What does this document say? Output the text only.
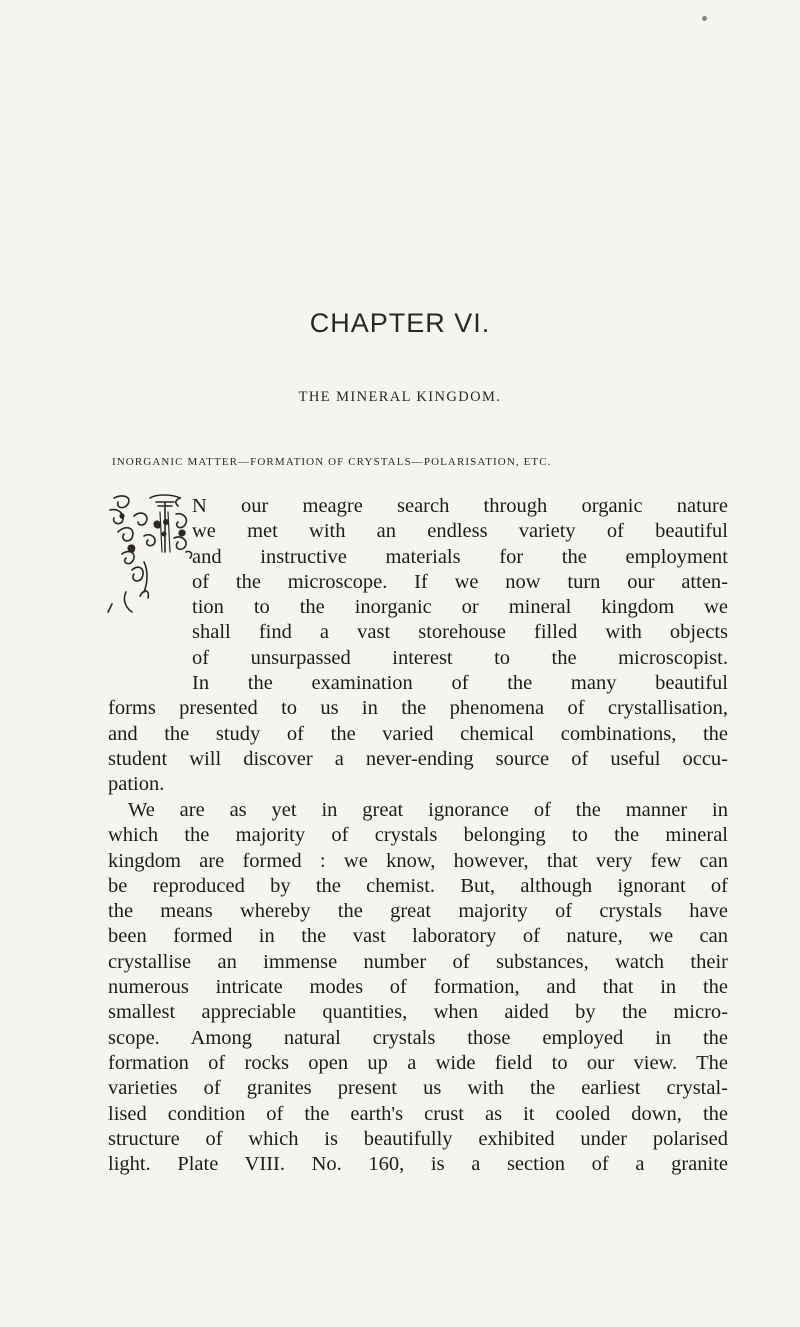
CHAPTER VI.
THE MINERAL KINGDOM.
INORGANIC MATTER—FORMATION OF CRYSTALS—POLARISATION, ETC.
N our meagre search through organic nature
we met with an endless variety of beautiful
and instructive materials for the employment
of the microscope. If we now turn our atten-
tion to the inorganic or mineral kingdom we
shall find a vast storehouse filled with objects
of unsurpassed interest to the microscopist.
In the examination of the many beautiful
forms presented to us in the phenomena of crystallisation,
and the study of the varied chemical combinations, the
student will discover a never-ending source of useful occu-
pation.
We are as yet in great ignorance of the manner in
which the majority of crystals belonging to the mineral
kingdom are formed : we know, however, that very few can
be reproduced by the chemist. But, although ignorant of
the means whereby the great majority of crystals have
been formed in the vast laboratory of nature, we can
crystallise an immense number of substances, watch their
numerous intricate modes of formation, and that in the
smallest appreciable quantities, when aided by the micro-
scope. Among natural crystals those employed in the
formation of rocks open up a wide field to our view. The
varieties of granites present us with the earliest crystal-
lised condition of the earth's crust as it cooled down, the
structure of which is beautifully exhibited under polarised
light. Plate VIII. No. 160, is a section of a granite
